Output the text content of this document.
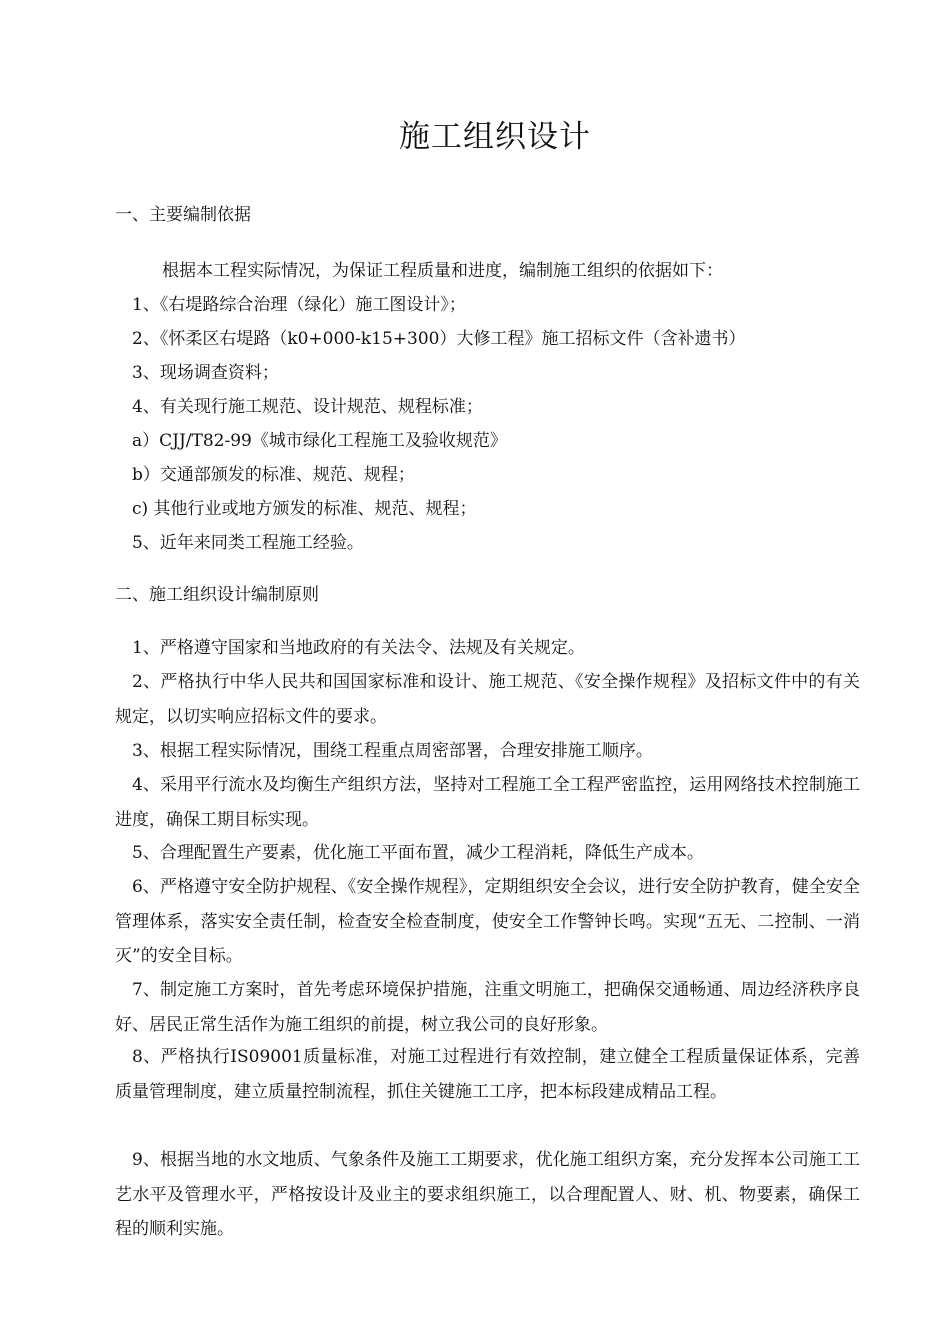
施工组织设计
一、主要编制依据
根据本工程实际情况，为保证工程质量和进度，编制施工组织的依据如下：
1、《右堤路综合治理（绿化）施工图设计》；
2、《怀柔区右堤路（k0+000-k15+300）大修工程》施工招标文件（含补遗书）
3、现场调查资料；
4、有关现行施工规范、设计规范、规程标准；
a）CJJ/T82-99《城市绿化工程施工及验收规范》
b）交通部颁发的标准、规范、规程；
c) 其他行业或地方颁发的标准、规范、规程；
5、近年来同类工程施工经验。
二、施工组织设计编制原则
1、严格遵守国家和当地政府的有关法令、法规及有关规定。
2、严格执行中华人民共和国国家标准和设计、施工规范、《安全操作规程》及招标文件中的有关规定，以切实响应招标文件的要求。
3、根据工程实际情况，围绕工程重点周密部署，合理安排施工顺序。
4、采用平行流水及均衡生产组织方法，坚持对工程施工全工程严密监控，运用网络技术控制施工进度，确保工期目标实现。
5、合理配置生产要素，优化施工平面布置，减少工程消耗，降低生产成本。
6、严格遵守安全防护规程、《安全操作规程》，定期组织安全会议，进行安全防护教育，健全安全管理体系，落实安全责任制，检查安全检查制度，使安全工作警钟长鸣。实现“五无、二控制、一消灭”的安全目标。
7、制定施工方案时，首先考虑环境保护措施，注重文明施工，把确保交通畅通、周边经济秩序良好、居民正常生活作为施工组织的前提，树立我公司的良好形象。
8、严格执行IS09001质量标准，对施工过程进行有效控制，建立健全工程质量保证体系，完善质量管理制度，建立质量控制流程，抓住关键施工工序，把本标段建成精品工程。
9、根据当地的水文地质、气象条件及施工工期要求，优化施工组织方案，充分发挥本公司施工工艺水平及管理水平，严格按设计及业主的要求组织施工，以合理配置人、财、机、物要素，确保工程的顺利实施。
